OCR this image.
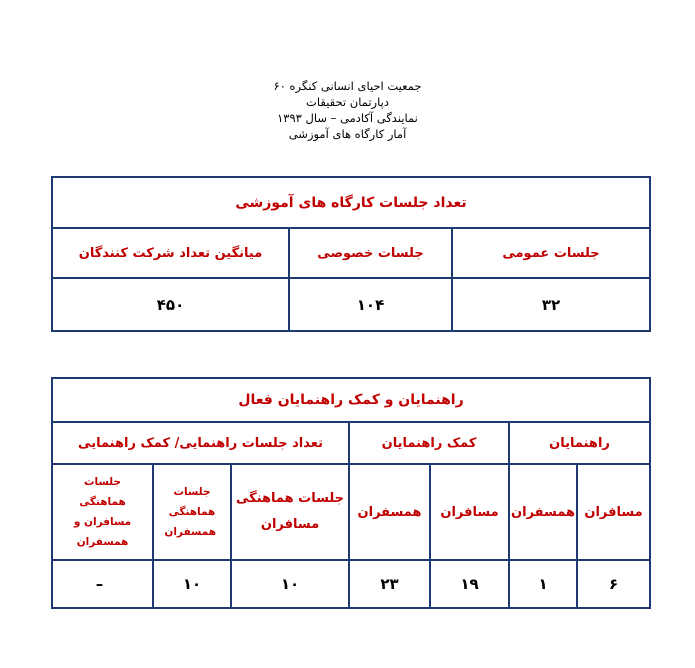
جمعیت احیای انسانی کنگره ۶۰
دپارتمان تحقیقات
نمایندگی آکادمی – سال ۱۳۹۳
آمار کارگاه های آموزشی
تعداد جلسات کارگاه های آموزشی		
جلسات عمومی	جلسات خصوصی	میانگین تعداد شرکت کنندگان
۳۲	۱۰۴	۴۵۰
راهنمایان و کمک راهنمایان فعال						
راهنمایان		کمک راهنمایان		تعداد جلسات راهنمایی/ کمک راهنمایی		
مسافران	همسفران	مسافران	همسفران	جلسات هماهنگی مسافران	جلسات هماهنگی همسفران	جلسات هماهنگی مسافران و همسفران
۶	۱	۱۹	۲۳	۱۰	۱۰	–
